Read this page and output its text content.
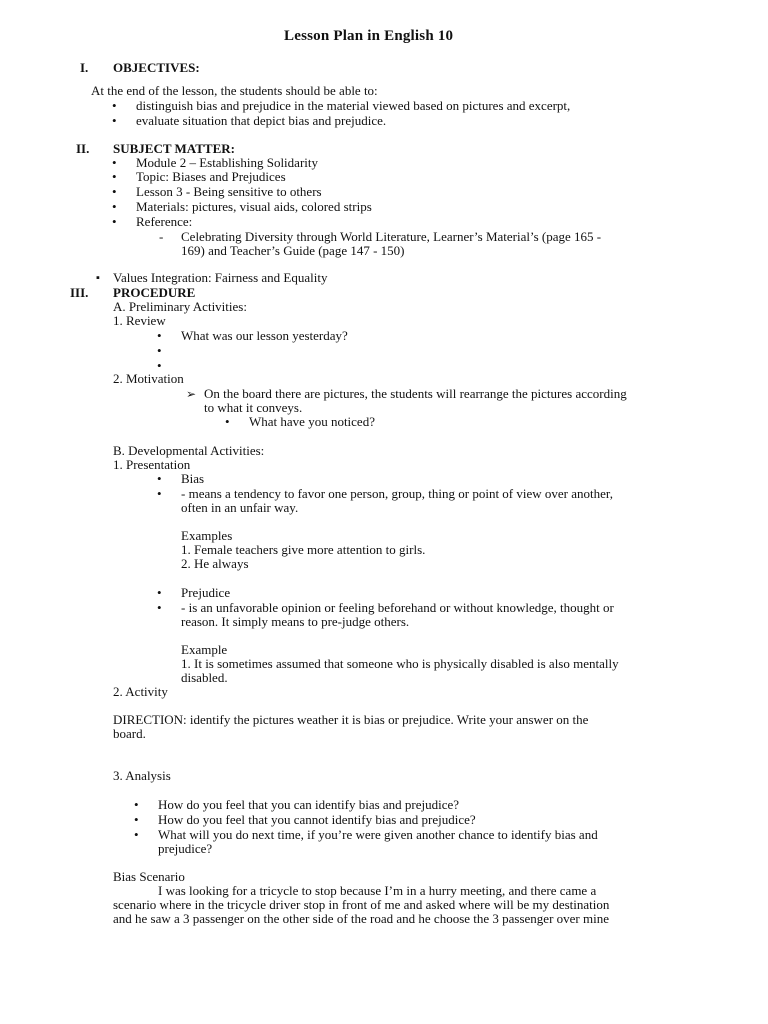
Lesson Plan in English 10
I. OBJECTIVES:
At the end of the lesson, the students should be able to:
• distinguish bias and prejudice in the material viewed based on pictures and excerpt,
• evaluate situation that depict bias and prejudice.
II. SUBJECT MATTER:
• Module 2 – Establishing Solidarity
• Topic: Biases and Prejudices
• Lesson 3 - Being sensitive to others
• Materials: pictures, visual aids, colored strips
• Reference:
- Celebrating Diversity through World Literature, Learner’s Material’s (page 165 -
169) and Teacher’s Guide (page 147 - 150)
▪ Values Integration: Fairness and Equality
III. PROCEDURE
A. Preliminary Activities:
1. Review
• What was our lesson yesterday?
2. Motivation
➢ On the board there are pictures, the students will rearrange the pictures according
to what it conveys.
• What have you noticed?
B. Developmental Activities:
1. Presentation
• Bias
• - means a tendency to favor one person, group, thing or point of view over another,
often in an unfair way.
Examples
1. Female teachers give more attention to girls.
2. He always
• Prejudice
• - is an unfavorable opinion or feeling beforehand or without knowledge, thought or
reason. It simply means to pre-judge others.
Example
1. It is sometimes assumed that someone who is physically disabled is also mentally
disabled.
2. Activity
DIRECTION: identify the pictures weather it is bias or prejudice. Write your answer on the
board.
3. Analysis
• How do you feel that you can identify bias and prejudice?
• How do you feel that you cannot identify bias and prejudice?
• What will you do next time, if you’re were given another chance to identify bias and
prejudice?
Bias Scenario
I was looking for a tricycle to stop because I’m in a hurry meeting, and there came a
scenario where in the tricycle driver stop in front of me and asked where will be my destination
and he saw a 3 passenger on the other side of the road and he choose the 3 passenger over mine
